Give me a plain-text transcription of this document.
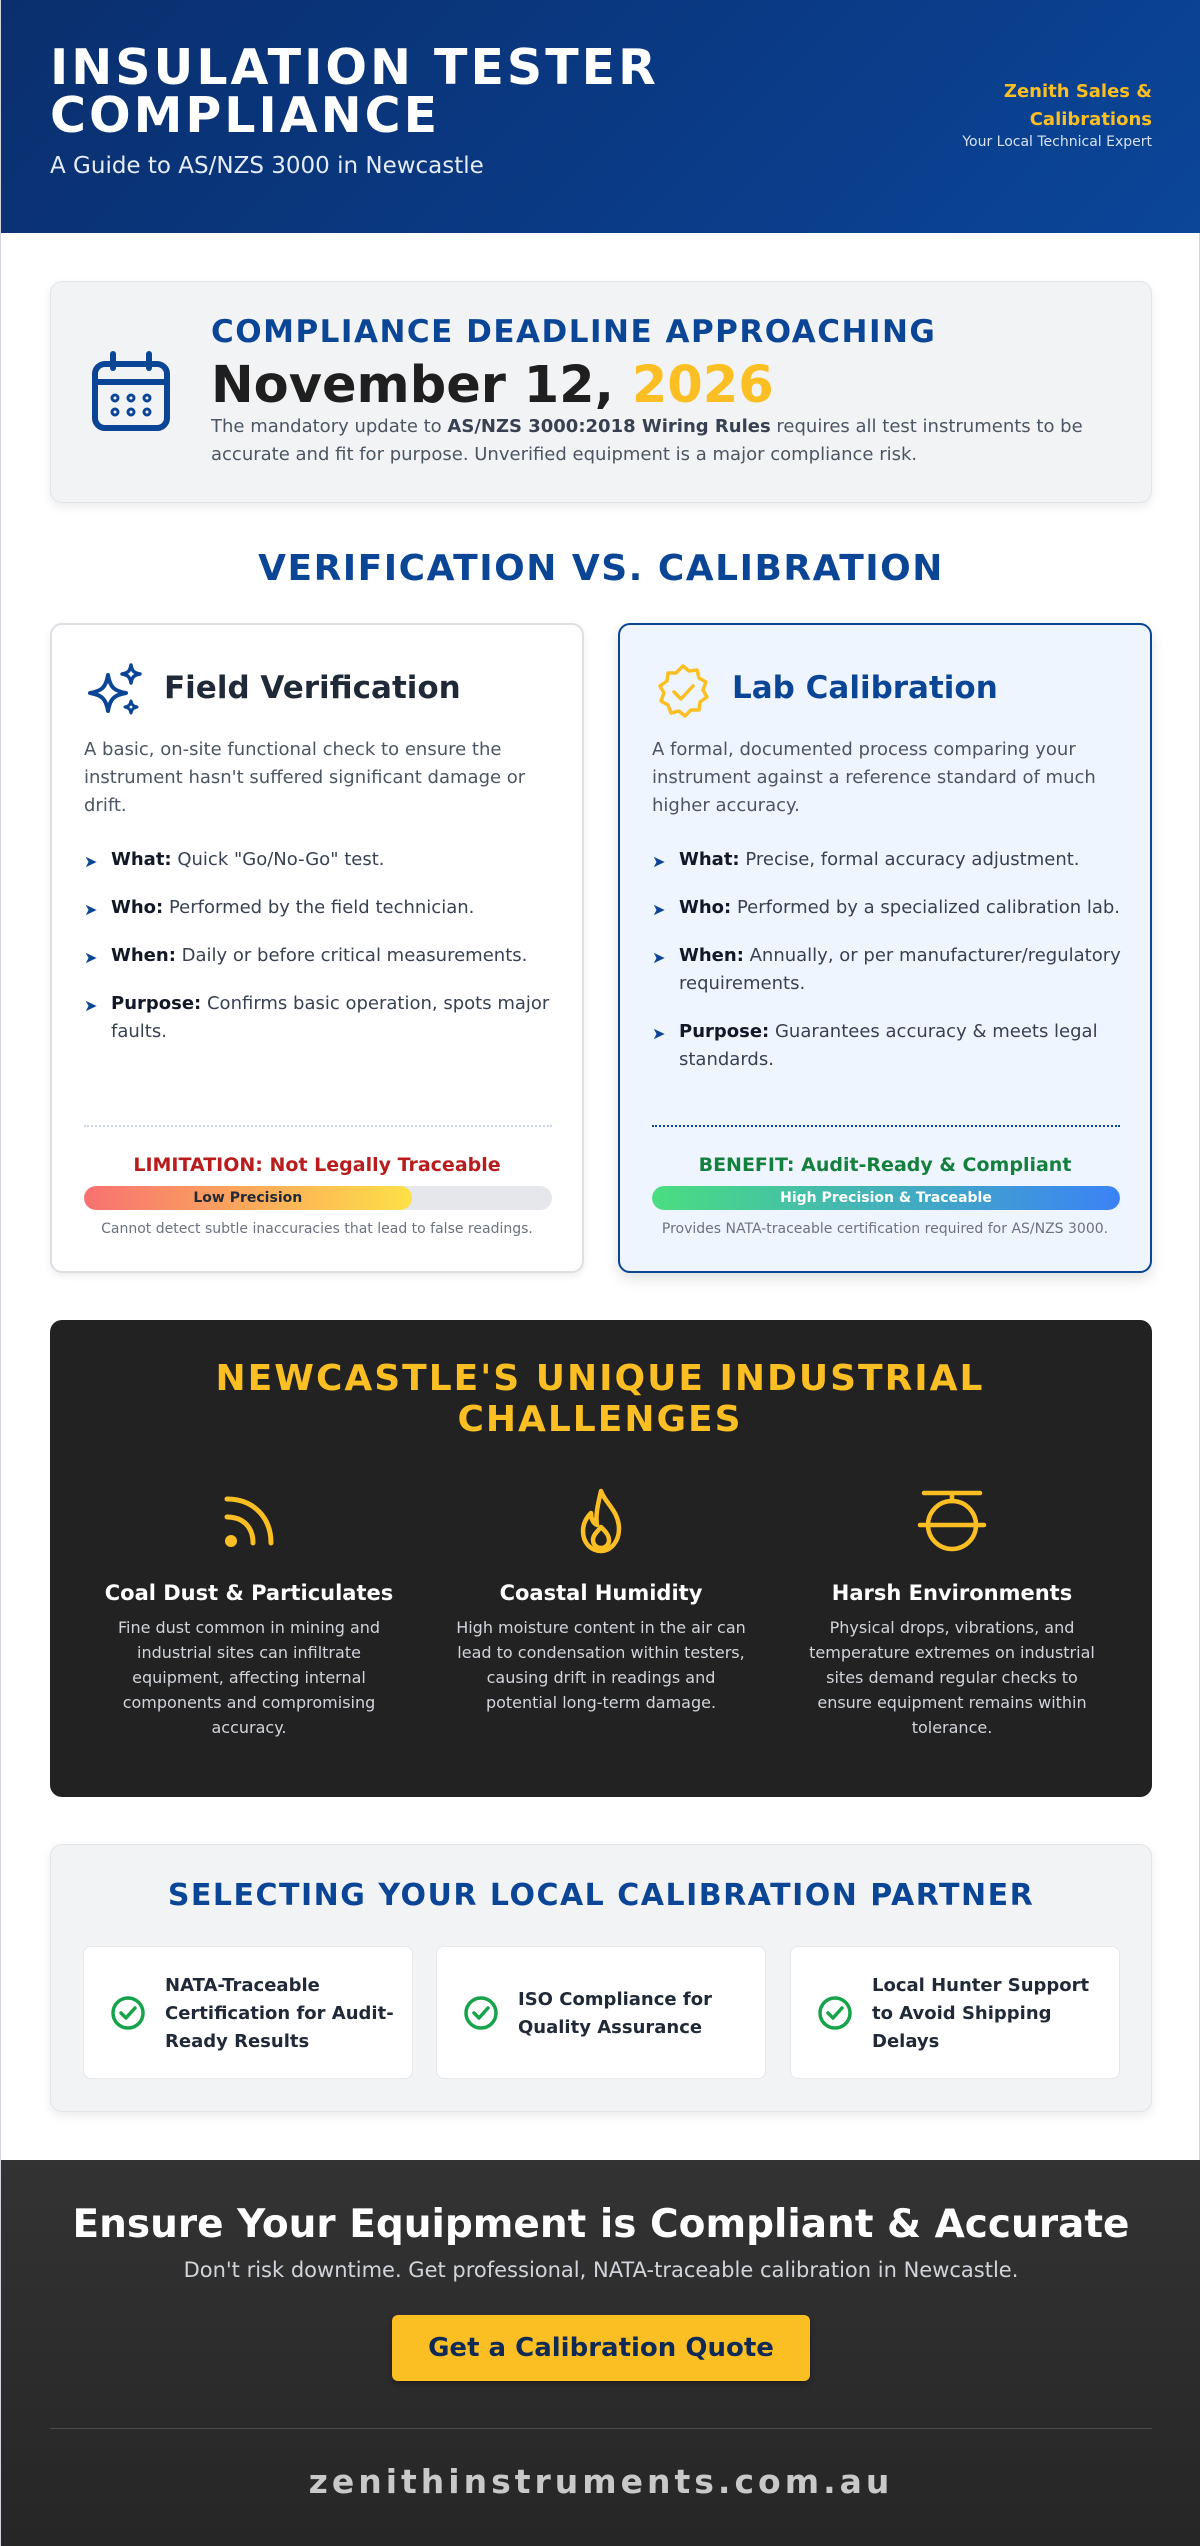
INSULATION TESTER COMPLIANCE
A Guide to AS/NZS 3000 in Newcastle
Zenith Sales & Calibrations
Your Local Technical Expert
COMPLIANCE DEADLINE APPROACHING
November 12, 2026

The mandatory update to AS/NZS 3000:2018 Wiring Rules requires all test instruments to be accurate and fit for purpose. Unverified equipment is a major compliance risk.

VERIFICATION VS. CALIBRATION
Field Verification

A basic, on-site functional check to ensure the instrument hasn't suffered significant damage or drift.

➤ What: Quick "Go/No-Go" test.
➤ Who: Performed by the field technician.
➤ When: Daily or before critical measurements.
➤ Purpose: Confirms basic operation, spots major faults.
LIMITATION: Not Legally Traceable
Low Precision
Cannot detect subtle inaccuracies that lead to false readings.
Lab Calibration

A formal, documented process comparing your instrument against a reference standard of much higher accuracy.

➤ What: Precise, formal accuracy adjustment.
➤ Who: Performed by a specialized calibration lab.
➤ When: Annually, or per manufacturer/regulatory requirements.
➤ Purpose: Guarantees accuracy & meets legal standards.
BENEFIT: Audit-Ready & Compliant
High Precision & Traceable
Provides NATA-traceable certification required for AS/NZS 3000.
NEWCASTLE'S UNIQUE INDUSTRIAL CHALLENGES
Coal Dust & Particulates
Fine dust common in mining and industrial sites can infiltrate equipment, affecting internal components and compromising accuracy.
Coastal Humidity
High moisture content in the air can lead to condensation within testers, causing drift in readings and potential long-term damage.
Harsh Environments
Physical drops, vibrations, and temperature extremes on industrial sites demand regular checks to ensure equipment remains within tolerance.
SELECTING YOUR LOCAL CALIBRATION PARTNER
NATA-Traceable Certification for Audit-Ready Results
ISO Compliance for Quality Assurance
Local Hunter Support to Avoid Shipping Delays
Ensure Your Equipment is Compliant & Accurate

Don't risk downtime. Get professional, NATA-traceable calibration in Newcastle.

Get a Calibration Quote
zenithinstruments.com.au
